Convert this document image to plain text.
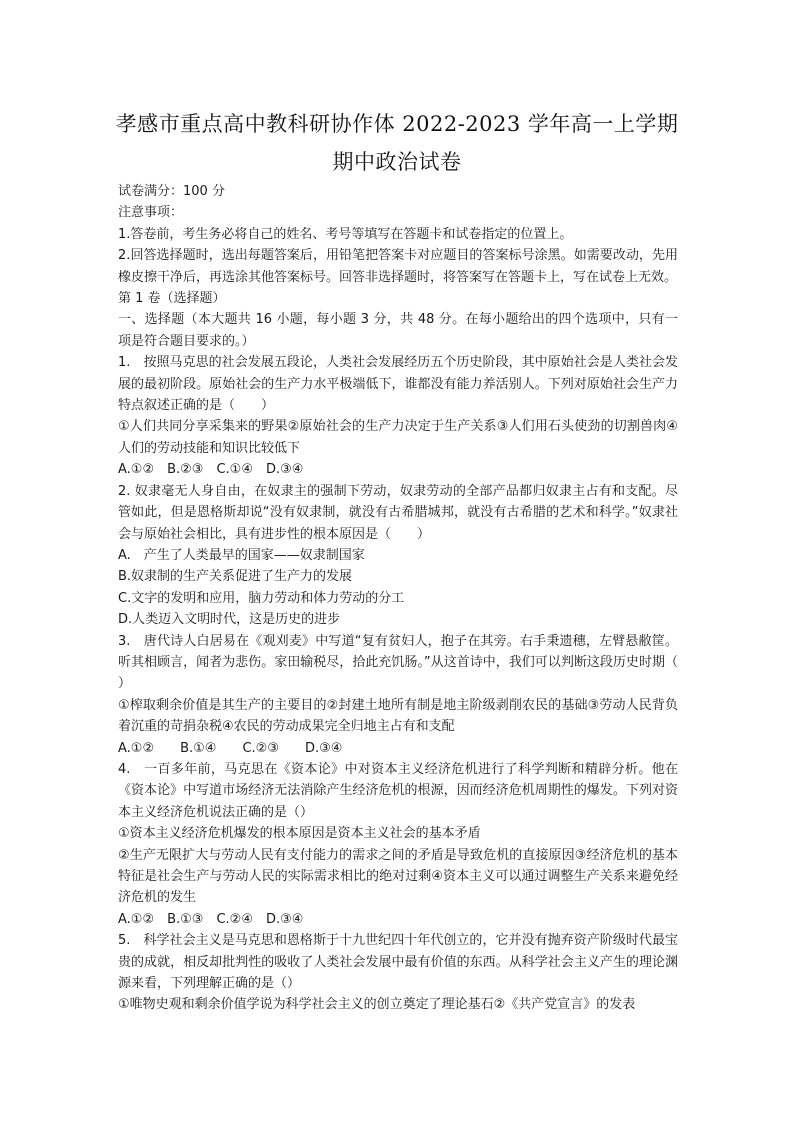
孝感市重点高中教科研协作体 2022-2023 学年高一上学期
期中政治试卷

试卷满分：100 分

注意事项：

1.答卷前，考生务必将自己的姓名、考号等填写在答题卡和试卷指定的位置上。

2.回答选择题时，选出每题答案后，用铅笔把答案卡对应题目的答案标号涂黑。如需要改动，先用橡皮擦干净后，再选涂其他答案标号。回答非选择题时，将答案写在答题卡上，写在试卷上无效。

第 1 卷（选择题）

一、选择题（本大题共 16 小题，每小题 3 分，共 48 分。在每小题给出的四个选项中，只有一项是符合题目要求的。）

1.　按照马克思的社会发展五段论，人类社会发展经历五个历史阶段，其中原始社会是人类社会发展的最初阶段。原始社会的生产力水平极端低下，谁都没有能力养活别人。下列对原始社会生产力特点叙述正确的是（　　）

①人们共同分享采集来的野果②原始社会的生产力决定于生产关系③人们用石头使劲的切割兽肉④人们的劳动技能和知识比较低下

A.①②　B.②③　C.①④　D.③④

2. 奴隶毫无人身自由，在奴隶主的强制下劳动，奴隶劳动的全部产品都归奴隶主占有和支配。尽管如此，但是恩格斯却说“没有奴隶制，就没有古希腊城邦，就没有古希腊的艺术和科学。”奴隶社会与原始社会相比，具有进步性的根本原因是（　　）

A.　产生了人类最早的国家——奴隶制国家

B.奴隶制的生产关系促进了生产力的发展

C.文字的发明和应用，脑力劳动和体力劳动的分工

D.人类迈入文明时代，这是历史的进步

3.　唐代诗人白居易在《观刈麦》中写道“复有贫妇人，抱子在其旁。右手秉遗穗，左臂悬敝筐。听其相顾言，闻者为悲伤。家田输税尽，拾此充饥肠。”从这首诗中，我们可以判断这段历史时期（　　）

①榨取剩余价值是其生产的主要目的②封建土地所有制是地主阶级剥削农民的基础③劳动人民背负着沉重的苛捐杂税④农民的劳动成果完全归地主占有和支配

A.①②　　B.①④　　C.②③　　D.③④

4.　一百多年前，马克思在《资本论》中对资本主义经济危机进行了科学判断和精辟分析。他在《资本论》中写道市场经济无法消除产生经济危机的根源，因而经济危机周期性的爆发。下列对资本主义经济危机说法正确的是（）

①资本主义经济危机爆发的根本原因是资本主义社会的基本矛盾

②生产无限扩大与劳动人民有支付能力的需求之间的矛盾是导致危机的直接原因③经济危机的基本特征是社会生产与劳动人民的实际需求相比的绝对过剩④资本主义可以通过调整生产关系来避免经济危机的发生

A.①②　B.①③　C.②④　D.③④

5.　科学社会主义是马克思和恩格斯于十九世纪四十年代创立的，它并没有抛弃资产阶级时代最宝贵的成就，相反却批判性的吸收了人类社会发展中最有价值的东西。从科学社会主义产生的理论渊源来看，下列理解正确的是（）

①唯物史观和剩余价值学说为科学社会主义的创立奠定了理论基石②《共产党宣言》的发表
